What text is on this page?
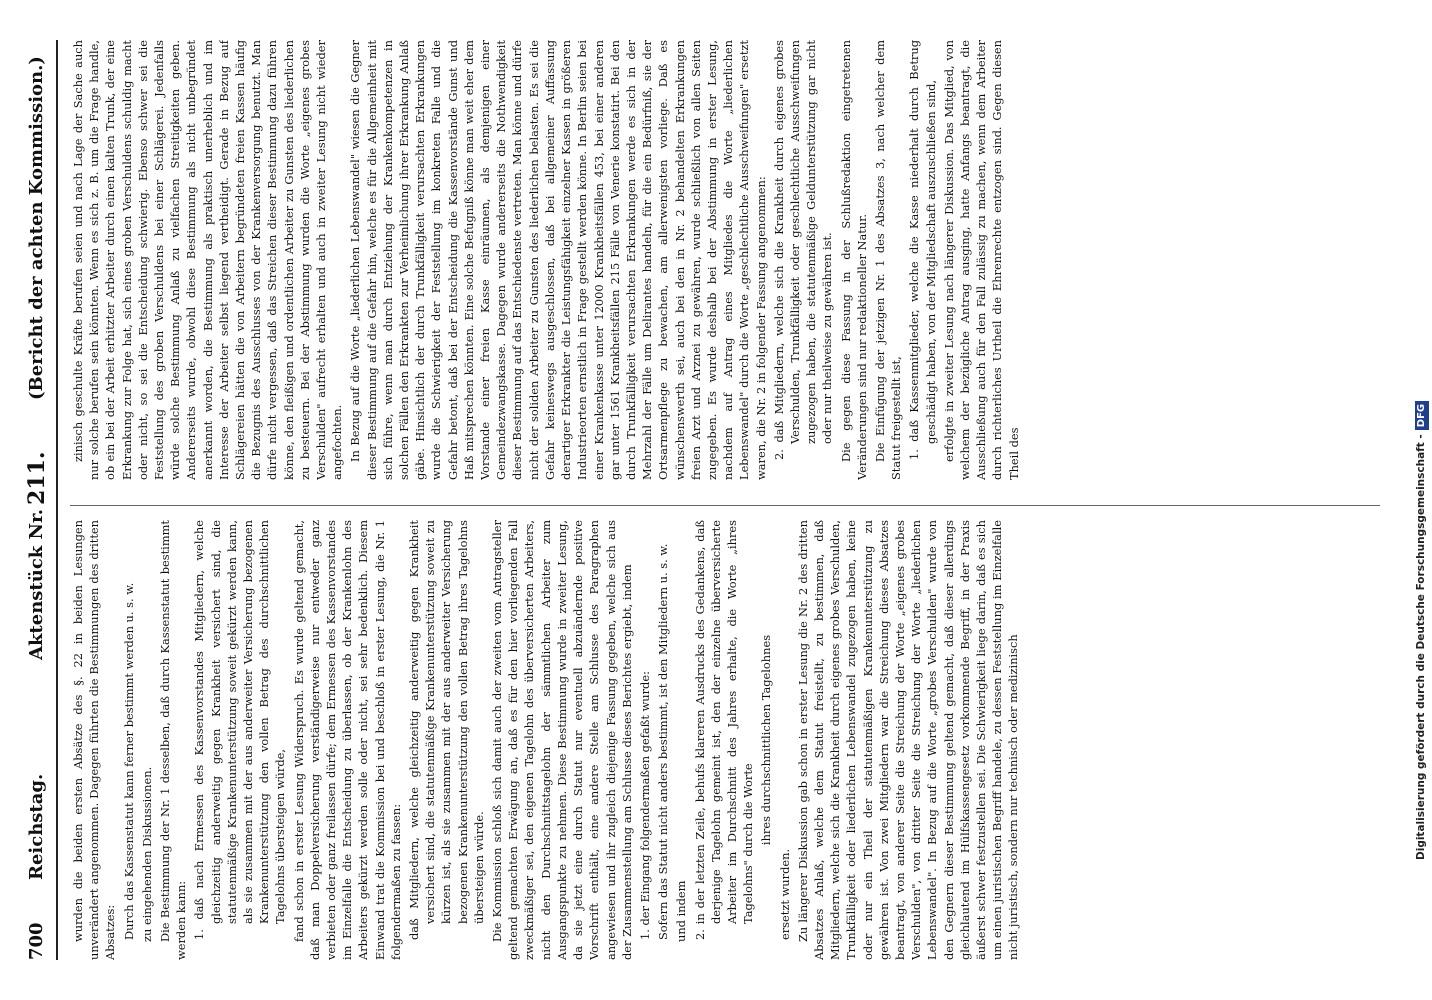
700
Reichstag.
Aktenstück Nr.
211.
(Bericht der achten Kommission.)

wurden die beiden ersten Absätze des §. 22 in beiden Lesungen unverändert angenommen. Dagegen führten die Bestimmungen des dritten Absatzes: Durch das Kassenstatut kann ferner bestimmt werden u. s. w. zu eingehenden Diskussionen. Die Bestimmung der Nr. 1 desselben, daß durch Kassenstatut bestimmt werden kann: 1. daß nach Ermessen des Kassenvorstandes Mitgliedern, welche gleichzeitig anderweitig gegen Krankheit versichert sind, die statutenmäßige Krankenunterstützung soweit gekürzt werden kann, als sie zusammen mit der aus anderweiter Versicherung bezogenen Krankenunterstützung den vollen Betrag des durchschnittlichen Tagelohns übersteigen würde, fand schon in erster Lesung Widerspruch. Es wurde geltend gemacht, daß man Doppelversicherung verständigerweise nur entweder ganz verbieten oder ganz freilassen dürfe; dem Ermessen des Kassenvorstandes im Einzelfalle die Entscheidung zu überlassen, ob der Krankenlohn des Arbeiters gekürzt werden solle oder nicht, sei sehr bedenklich. Diesem Einwand trat die Kommission bei und beschloß in erster Lesung, die Nr. 1 folgendermaßen zu fassen: daß Mitgliedern, welche gleichzeitig anderweitig gegen Krankheit versichert sind, die statutenmäßige Krankenunterstützung soweit zu kürzen ist, als sie zusammen mit der aus anderweiter Versicherung bezogenen Krankenunterstützung den vollen Betrag ihres Tagelohns übersteigen würde. Die Kommission schloß sich damit auch der zweiten vom Antragsteller geltend gemachten Erwägung an, daß es für den hier vorliegenden Fall zweckmäßiger sei, den eigenen Tagelohn des überversicherten Arbeiters, nicht den Durchschnittstagelohn der sämmtlichen Arbeiter zum Ausgangspunkte zu nehmen. Diese Bestimmung wurde in zweiter Lesung, da sie jetzt eine durch Statut nur eventuell abzuändernde positive Vorschrift enthält, eine andere Stelle am Schlusse des Paragraphen angewiesen und ihr zugleich diejenige Fassung gegeben, welche sich aus der Zusammenstellung am Schlusse dieses Berichtes ergiebt, indem 1. der Eingang folgendermaßen gefaßt wurde: Sofern das Statut nicht anders bestimmt, ist den Mitgliedern u. s. w. und indem 2. in der letzten Zeile, behufs klareren Ausdrucks des Gedankens, daß derjenige Tagelohn gemeint ist, den der einzelne überversicherte Arbeiter im Durchschnitt des Jahres erhalte, die Worte „ihres Tagelohns" durch die Worte ihres durchschnittlichen Tagelohnes

ersetzt wurden. Zu längerer Diskussion gab schon in erster Lesung die Nr. 2 des dritten Absatzes Anlaß, welche dem Statut freistellt, zu bestimmen, daß Mitgliedern, welche sich die Krankheit durch eigenes grobes Verschulden, Trunkfälligkeit oder liederlichen Lebenswandel zugezogen haben, keine oder nur ein Theil der statutenmäßigen Krankenunterstützung zu gewähren ist. Von zwei Mitgliedern war die Streichung dieses Absatzes beantragt, von anderer Seite die Streichung der Worte „eigenes grobes Verschulden", von dritter Seite die Streichung der Worte „liederlichen Lebenswandel". In Bezug auf die Worte „grobes Verschulden" wurde von den Gegnern dieser Bestimmung geltend gemacht, daß dieser allerdings gleichlautend im Hülfskassengesetz vorkommende Begriff, in der Praxis äußerst schwer festzustellen sei. Die Schwierigkeit liege darin, daß es sich um einen juristischen Begriff handele, zu dessen Feststellung im Einzelfalle nicht juristisch, sondern nur technisch oder medizinisch

zinisch geschulte Kräfte berufen seien und nach Lage der Sache auch nur solche berufen sein könnten. Wenn es sich z. B. um die Frage handle, ob ein bei der Arbeit erhitzter Arbeiter durch einen kalten Trunk, der eine Erkrankung zur Folge hat, sich eines groben Verschuldens schuldig macht oder nicht, so sei die Entscheidung schwierig. Ebenso schwer sei die Feststellung des groben Verschuldens bei einer Schlägerei. Jedenfalls würde solche Bestimmung Anlaß zu vielfachen Streitigkeiten geben. Andererseits wurde, obwohl diese Bestimmung als nicht unbegründet anerkannt worden, die Bestimmung als praktisch unerheblich und im Interesse der Arbeiter selbst liegend vertheidigt. Gerade in Bezug auf Schlägereien hätten die von Arbeitern begründeten freien Kassen häufig die Bezugnis des Ausschlusses von der Krankenversorgung benutzt. Man dürfe nicht vergessen, daß das Streichen dieser Bestimmung dazu führen könne, den fleißigen und ordentlichen Arbeiter zu Gunsten des liederlichen zu besteuern. Bei der Abstimmung wurden die Worte „eigenes grobes Verschulden" aufrecht erhalten und auch in zweiter Lesung nicht wieder angefochten. In Bezug auf die Worte „liederlichen Lebenswandel" wiesen die Gegner dieser Bestimmung auf die Gefahr hin, welche es für die Allgemeinheit mit sich führe, wenn man durch Entziehung der Krankenkompetenzen in solchen Fällen den Erkrankten zur Verheimlichung ihrer Erkrankung Anlaß gäbe. Hinsichtlich der durch Trunkfälligkeit verursachten Erkrankungen wurde die Schwierigkeit der Feststellung im konkreten Falle und die Gefahr betont, daß bei der Entscheidung die Kassenvorstände Gunst und Haß mitsprechen könnten. Eine solche Befugniß könne man weit eher dem Vorstande einer freien Kasse einräumen, als demjenigen einer Gemeindezwangskasse. Dagegen wurde andererseits die Nothwendigkeit dieser Bestimmung auf das Entschiedenste vertreten. Man könne und dürfe nicht der soliden Arbeiter zu Gunsten des liederlichen belasten. Es sei die Gefahr keineswegs ausgeschlossen, daß bei allgemeiner Auffassung derartiger Erkrankter die Leistungsfähigkeit einzelner Kassen in größeren Industrieorten ernstlich in Frage gestellt werden könne. In Berlin seien bei einer Krankenkasse unter 12000 Krankheitsfällen 453, bei einer anderen gar unter 1561 Krankheitsfällen 215 Fälle von Venerie konstatirt. Bei den durch Trunkfälligkeit verursachten Erkrankungen werde es sich in der Mehrzahl der Fälle um Delirantes handeln, für die ein Bedürfniß, sie der Ortsarmenpflege zu bewachen, am allerwenigsten vorliege. Daß es wünschenswerth sei, auch bei den in Nr. 2 behandelten Erkrankungen freien Arzt und Arznei zu gewähren, wurde schließlich von allen Seiten zugegeben. Es wurde deshalb bei der Abstimmung in erster Lesung, nachdem auf Antrag eines Mitgliedes die Worte „liederlichen Lebenswandel" durch die Worte „geschlechtliche Ausschweifungen" ersetzt waren, die Nr. 2 in folgender Fassung angenommen: 2. daß Mitgliedern, welche sich die Krankheit durch eigenes grobes Verschulden, Trunkfälligkeit oder geschlechtliche Ausschweifungen zugezogen haben, die statutenmäßige Geldunterstützung gar nicht oder nur theilweise zu gewähren ist. Die gegen diese Fassung in der Schlußredaktion eingetretenen Veränderungen sind nur redaktioneller Natur. Die Einfügung der jetzigen Nr. 1 des Absatzes 3, nach welcher dem Statut freigestellt ist, 1. daß Kassenmitglieder, welche die Kasse niederhalt durch Betrug geschädigt haben, von der Mitgliedschaft auszuschließen sind, erfolgte in zweiter Lesung nach längerer Diskussion. Das Mitglied, von welchem der bezügliche Antrag ausging, hatte Anfangs beantragt, die Ausschließung auch für den Fall zulässig zu machen, wenn dem Arbeiter durch richterliches Urtheil die Ehrenrechte entzogen sind. Gegen diesen Theil des	Digitalisierung gefördert durch die Deutsche Forschungsgemeinschaft -DFG
